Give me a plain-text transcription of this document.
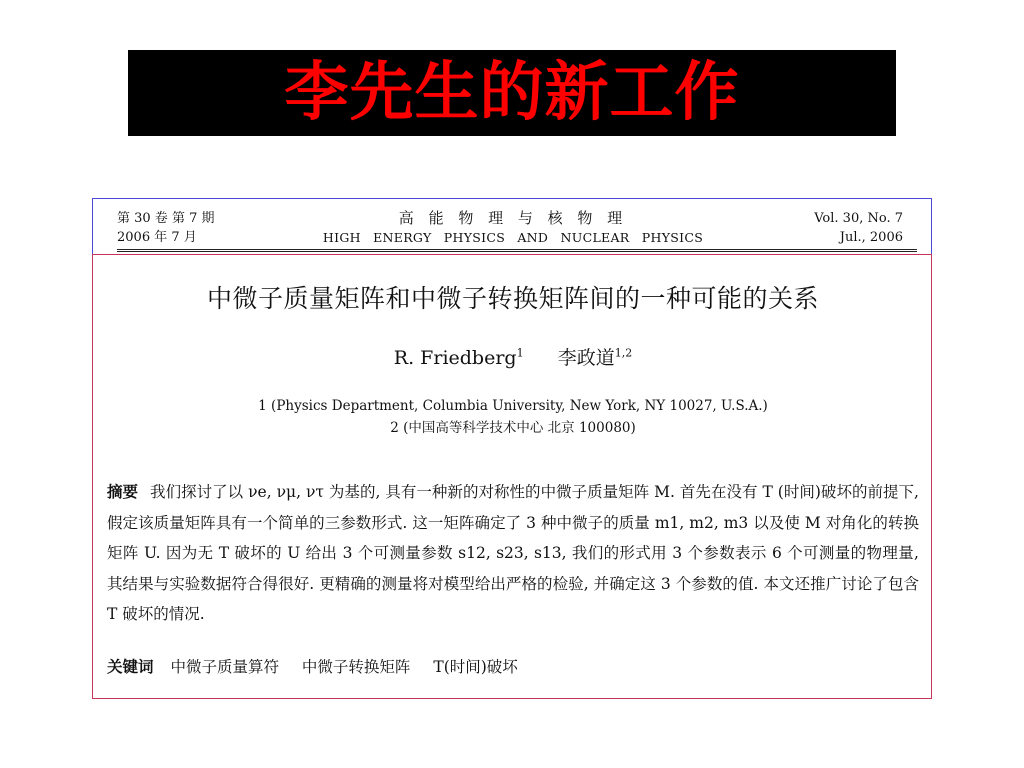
李先生的新工作
第 30 卷 第 7 期
2006 年 7 月
高 能 物 理 与 核 物 理
HIGH ENERGY PHYSICS AND NUCLEAR PHYSICS
Vol. 30, No. 7
Jul., 2006
中微子质量矩阵和中微子转换矩阵间的一种可能的关系
R. Friedberg$^1$ 李政道$^{1,2}$
1 (Physics Department, Columbia University, New York, NY 10027, U.S.A.)
2 (中国高等科学技术中心 北京 100080)
摘要 我们探讨了以 νe, νμ, ντ 为基的, 具有一种新的对称性的中微子质量矩阵 M. 首先在没有 T (时间)破坏的前提下, 假定该质量矩阵具有一个简单的三参数形式. 这一矩阵确定了 3 种中微子的质量 m1, m2, m3 以及使 M 对角化的转换矩阵 U. 因为无 T 破坏的 U 给出 3 个可测量参数 s12, s23, s13, 我们的形式用 3 个参数表示 6 个可测量的物理量, 其结果与实验数据符合得很好. 更精确的测量将对模型给出严格的检验, 并确定这 3 个参数的值. 本文还推广讨论了包含 T 破坏的情况.
关键词 中微子质量算符 中微子转换矩阵 T(时间)破坏
